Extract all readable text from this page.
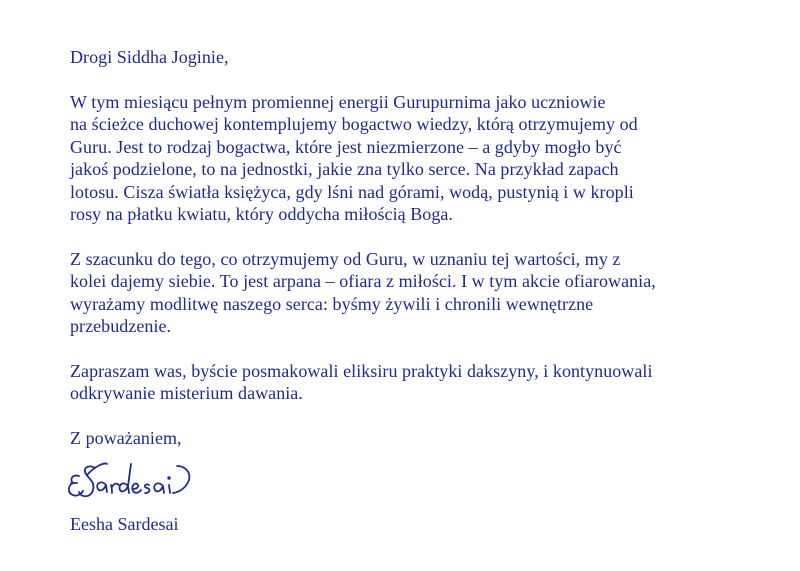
Drogi Siddha Joginie,

W tym miesiącu pełnym promiennej energii Gurupurnima jako uczniowie
na ścieżce duchowej kontemplujemy bogactwo wiedzy, którą otrzymujemy od
Guru. Jest to rodzaj bogactwa, które jest niezmierzone – a gdyby mogło być
jakoś podzielone, to na jednostki, jakie zna tylko serce. Na przykład zapach
lotosu. Cisza światła księżyca, gdy lśni nad górami, wodą, pustynią i w kropli
rosy na płatku kwiatu, który oddycha miłością Boga.

Z szacunku do tego, co otrzymujemy od Guru, w uznaniu tej wartości, my z
kolei dajemy siebie. To jest arpana – ofiara z miłości. I w tym akcie ofiarowania,
wyrażamy modlitwę naszego serca: byśmy żywili i chronili wewnętrzne
przebudzenie.

Zapraszam was, byście posmakowali eliksiru praktyki dakszyny, i kontynuowali
odkrywanie misterium dawania.

Z poważaniem,

Eesha Sardesai
